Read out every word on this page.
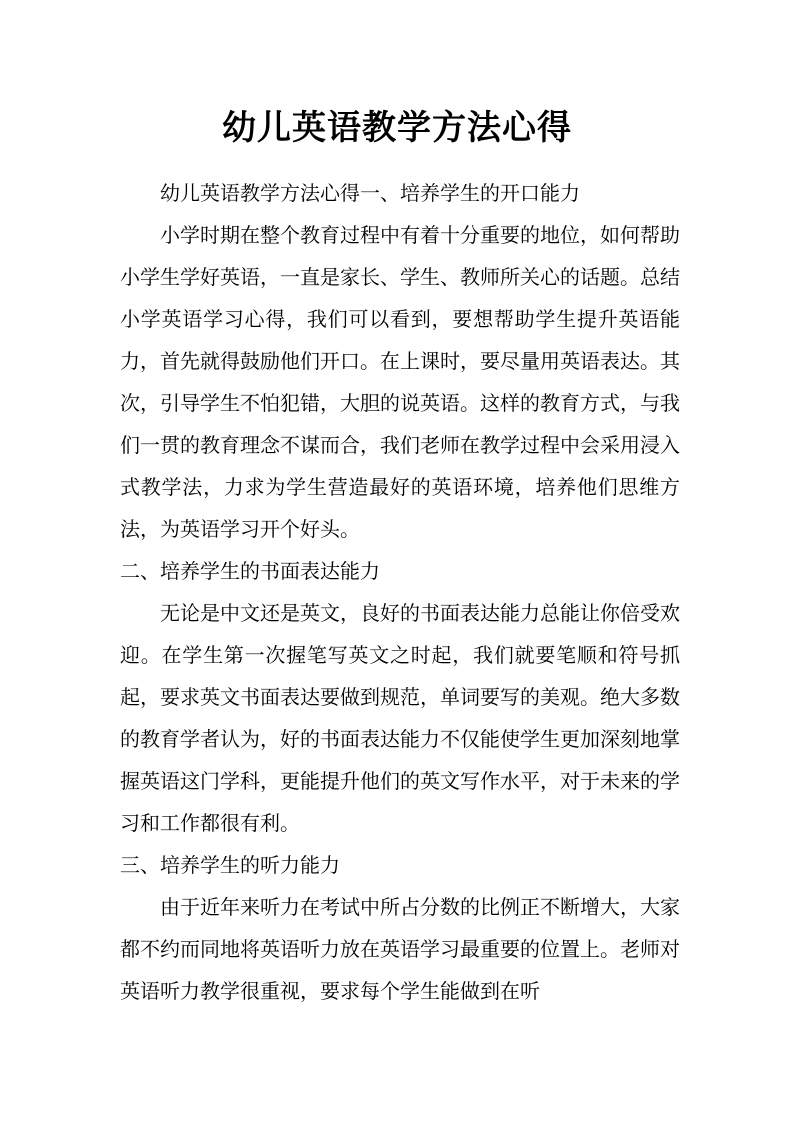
幼儿英语教学方法心得

幼儿英语教学方法心得一、培养学生的开口能力

小学时期在整个教育过程中有着十分重要的地位，如何帮助小学生学好英语，一直是家长、学生、教师所关心的话题。总结小学英语学习心得，我们可以看到，要想帮助学生提升英语能力，首先就得鼓励他们开口。在上课时，要尽量用英语表达。其次，引导学生不怕犯错，大胆的说英语。这样的教育方式，与我们一贯的教育理念不谋而合，我们老师在教学过程中会采用浸入式教学法，力求为学生营造最好的英语环境，培养他们思维方法，为英语学习开个好头。

二、培养学生的书面表达能力

无论是中文还是英文，良好的书面表达能力总能让你倍受欢迎。在学生第一次握笔写英文之时起，我们就要笔顺和符号抓起，要求英文书面表达要做到规范，单词要写的美观。绝大多数的教育学者认为，好的书面表达能力不仅能使学生更加深刻地掌握英语这门学科，更能提升他们的英文写作水平，对于未来的学习和工作都很有利。

三、培养学生的听力能力

由于近年来听力在考试中所占分数的比例正不断增大，大家都不约而同地将英语听力放在英语学习最重要的位置上。老师对英语听力教学很重视，要求每个学生能做到在听
